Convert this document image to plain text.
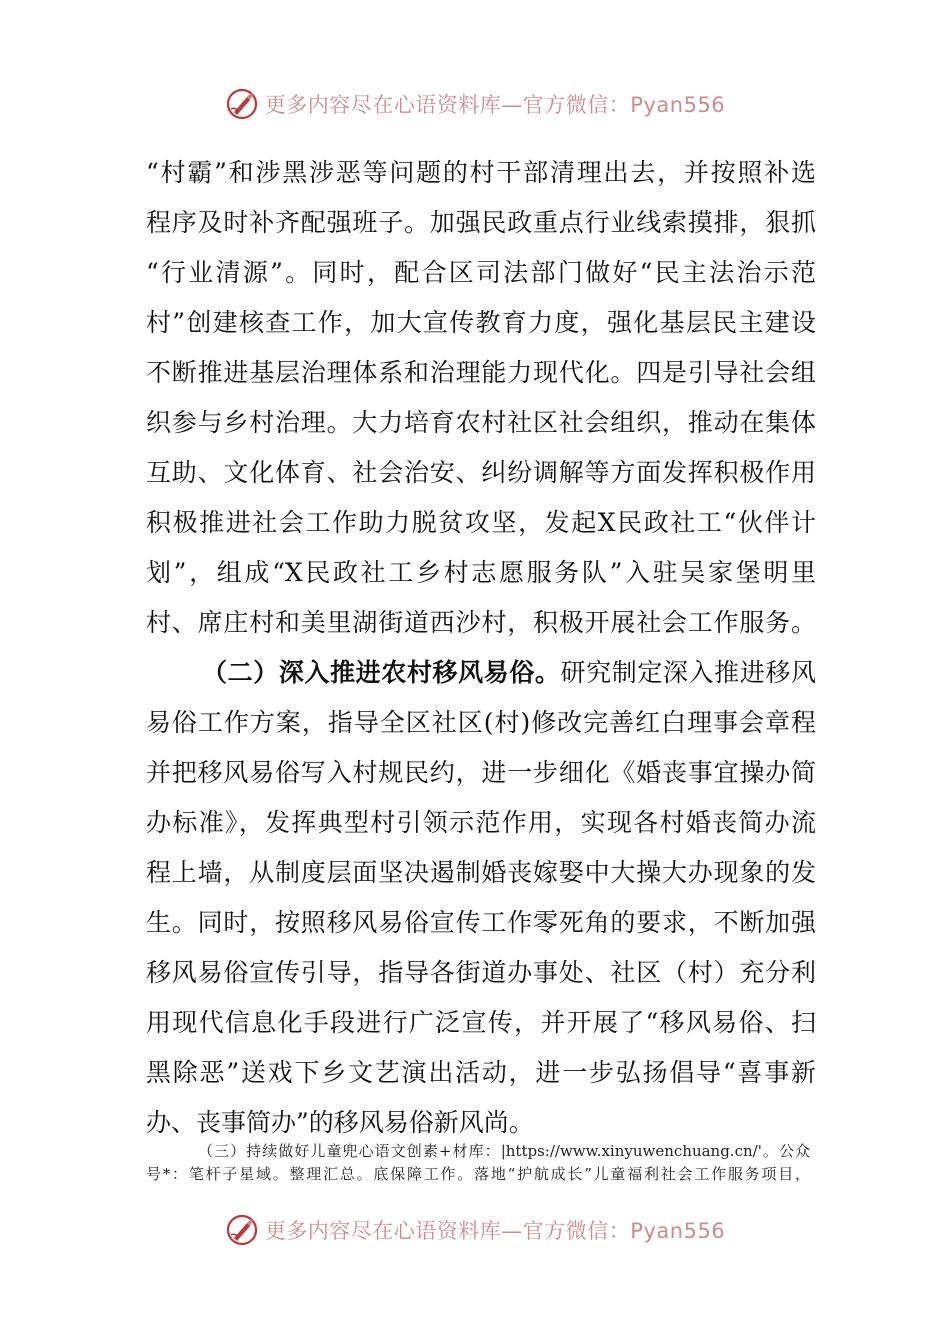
更多内容尽在心语资料库—官方微信：Pyan556
“村霸”和涉黑涉恶等问题的村干部清理出去，并按照补选
程序及时补齐配强班子。加强民政重点行业线索摸排，狠抓
“行业清源”。同时，配合区司法部门做好“民主法治示范
村”创建核查工作，加大宣传教育力度，强化基层民主建设
不断推进基层治理体系和治理能力现代化。四是引导社会组
织参与乡村治理。大力培育农村社区社会组织，推动在集体
互助、文化体育、社会治安、纠纷调解等方面发挥积极作用
积极推进社会工作助力脱贫攻坚，发起X民政社工“伙伴计
划”，组成“X民政社工乡村志愿服务队”入驻吴家堡明里
村、席庄村和美里湖街道西沙村，积极开展社会工作服务。
（二）深入推进农村移风易俗。研究制定深入推进移风
易俗工作方案，指导全区社区(村)修改完善红白理事会章程
并把移风易俗写入村规民约，进一步细化《婚丧事宜操办简
办标准》，发挥典型村引领示范作用，实现各村婚丧简办流
程上墙，从制度层面坚决遏制婚丧嫁娶中大操大办现象的发
生。同时，按照移风易俗宣传工作零死角的要求，不断加强
移风易俗宣传引导，指导各街道办事处、社区（村）充分利
用现代信息化手段进行广泛宣传，并开展了“移风易俗、扫
黑除恶”送戏下乡文艺演出活动，进一步弘扬倡导“喜事新
办、丧事简办”的移风易俗新风尚。
（三）持续做好儿童兜心语文创素+材库：|https://www.xinyuwenchuang.cn/'。公众
号*：笔杆子星域。整理汇总。底保障工作。落地“护航成长”儿童福利社会工作服务项目，
更多内容尽在心语资料库—官方微信：Pyan556
